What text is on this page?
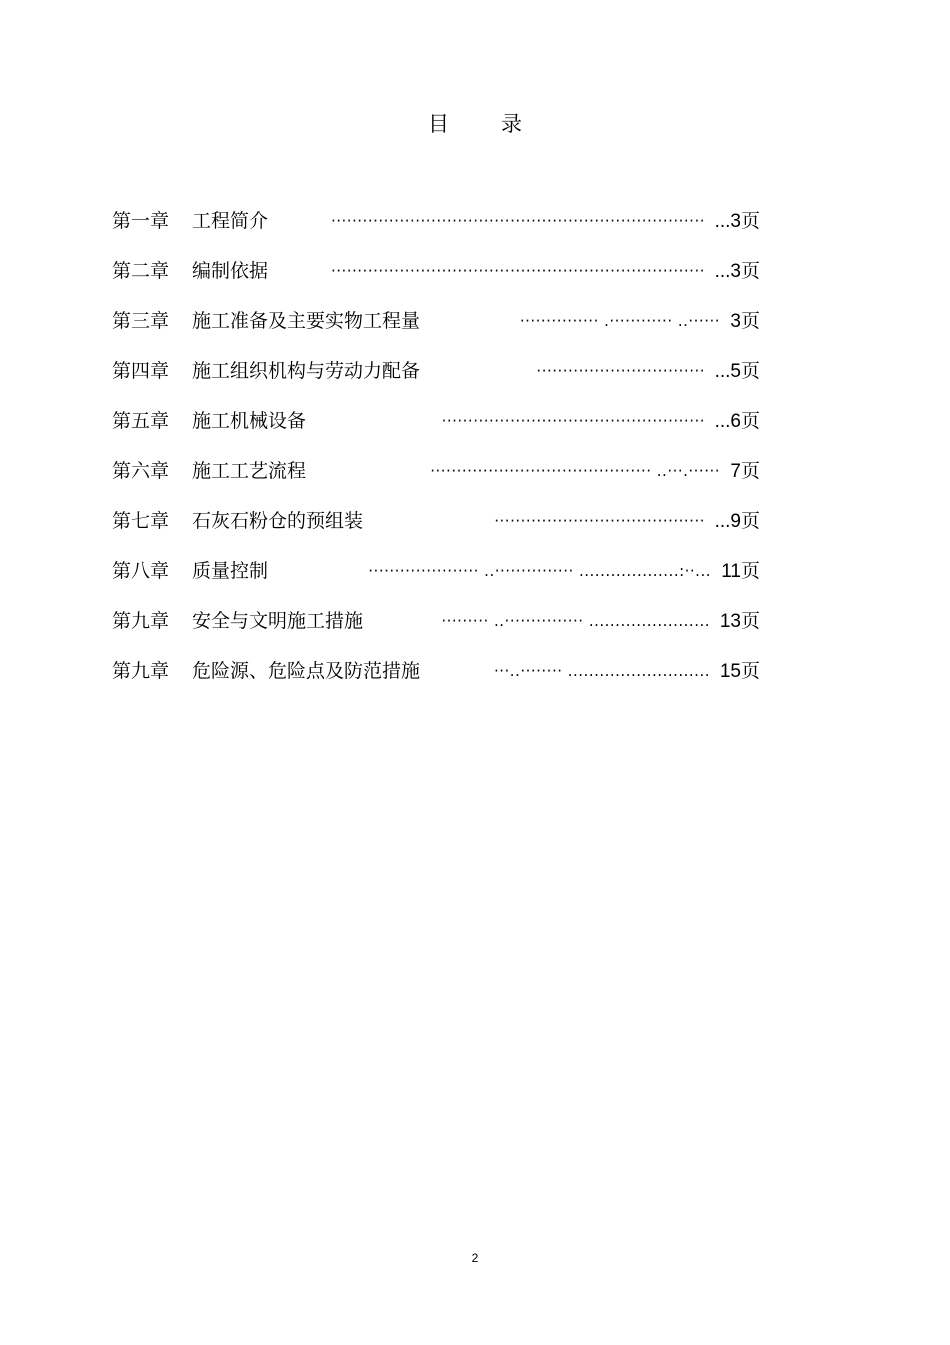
目 录
第一章 工程简介	······································································· ...3页
第二章 编制依据	······································································· ...3页
第三章 施工准备及主要实物工程量	··············· .············ ..······ 3页
第四章 施工组织机构与劳动力配备	································ ...5页
第五章 施工机械设备	·················································· ...6页
第六章 施工工艺流程	·········································· ..···.······ 7页
第七章 石灰石粉仓的预组装	········································ ...9页
第八章 质量控制	····················· ..··············· ...................:··... 11页
第九章 安全与文明施工措施	········· ..··············· ....................... 13页
第九章 危险源、危险点及防范措施	···..········ ........................... 15页
2
